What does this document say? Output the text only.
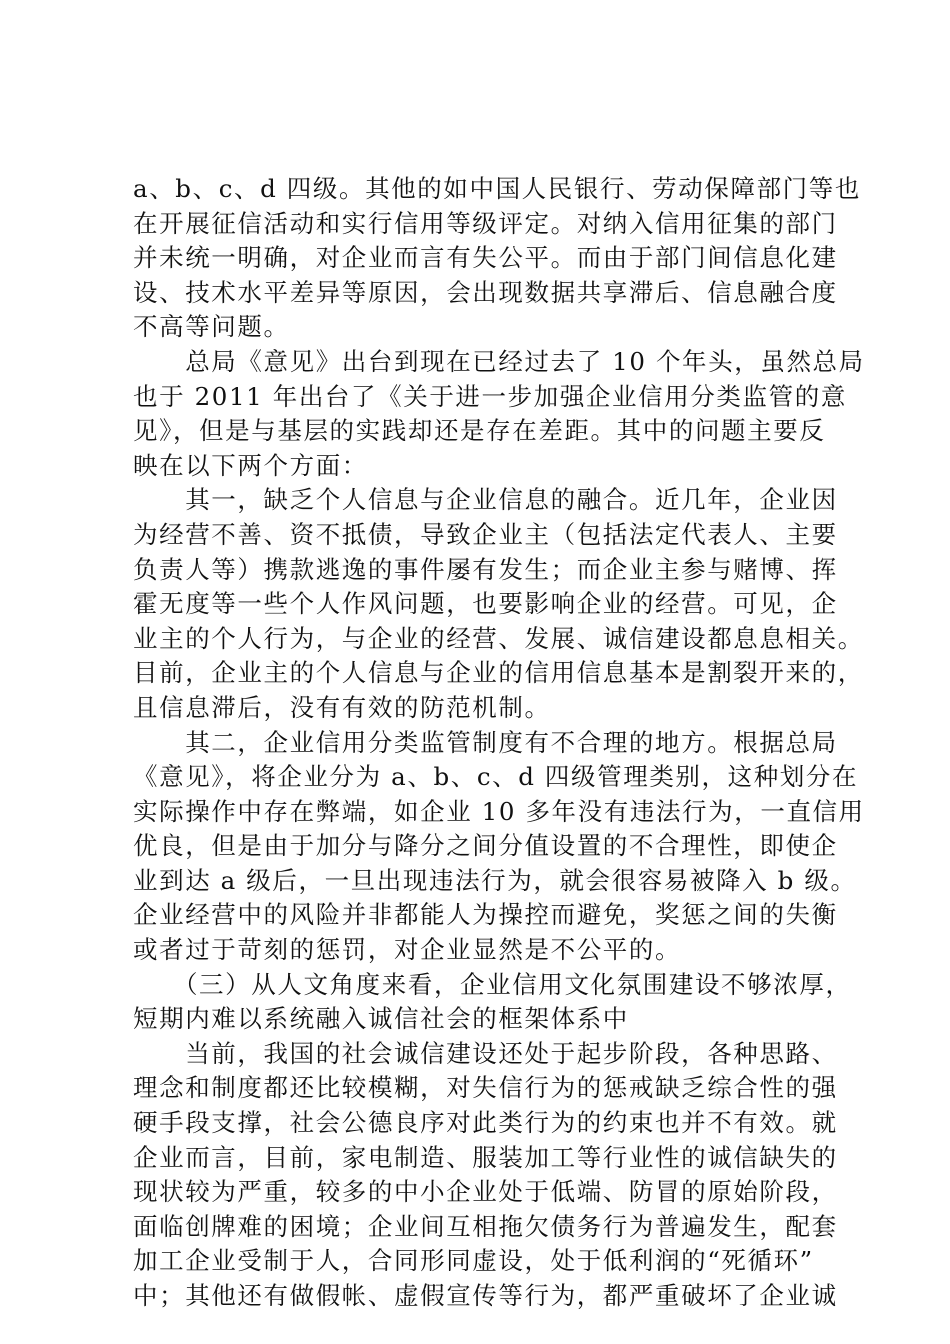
a、b、c、d 四级。其他的如中国人民银行、劳动保障部门等也
在开展征信活动和实行信用等级评定。对纳入信用征集的部门
并未统一明确，对企业而言有失公平。而由于部门间信息化建
设、技术水平差异等原因，会出现数据共享滞后、信息融合度
不高等问题。
　　总局《意见》出台到现在已经过去了 10 个年头，虽然总局
也于 2011 年出台了《关于进一步加强企业信用分类监管的意
见》，但是与基层的实践却还是存在差距。其中的问题主要反
映在以下两个方面：
　　其一，缺乏个人信息与企业信息的融合。近几年，企业因
为经营不善、资不抵债，导致企业主（包括法定代表人、主要
负责人等）携款逃逸的事件屡有发生；而企业主参与赌博、挥
霍无度等一些个人作风问题，也要影响企业的经营。可见，企
业主的个人行为，与企业的经营、发展、诚信建设都息息相关。
目前，企业主的个人信息与企业的信用信息基本是割裂开来的，
且信息滞后，没有有效的防范机制。
　　其二，企业信用分类监管制度有不合理的地方。根据总局
《意见》，将企业分为 a、b、c、d 四级管理类别，这种划分在
实际操作中存在弊端，如企业 10 多年没有违法行为，一直信用
优良，但是由于加分与降分之间分值设置的不合理性，即使企
业到达 a 级后，一旦出现违法行为，就会很容易被降入 b 级。
企业经营中的风险并非都能人为操控而避免，奖惩之间的失衡
或者过于苛刻的惩罚，对企业显然是不公平的。
　　（三）从人文角度来看，企业信用文化氛围建设不够浓厚，
短期内难以系统融入诚信社会的框架体系中
　　当前，我国的社会诚信建设还处于起步阶段，各种思路、
理念和制度都还比较模糊，对失信行为的惩戒缺乏综合性的强
硬手段支撑，社会公德良序对此类行为的约束也并不有效。就
企业而言，目前，家电制造、服装加工等行业性的诚信缺失的
现状较为严重，较多的中小企业处于低端、防冒的原始阶段，
面临创牌难的困境；企业间互相拖欠债务行为普遍发生，配套
加工企业受制于人，合同形同虚设，处于低利润的“死循环”
中；其他还有做假帐、虚假宣传等行为，都严重破坏了企业诚
